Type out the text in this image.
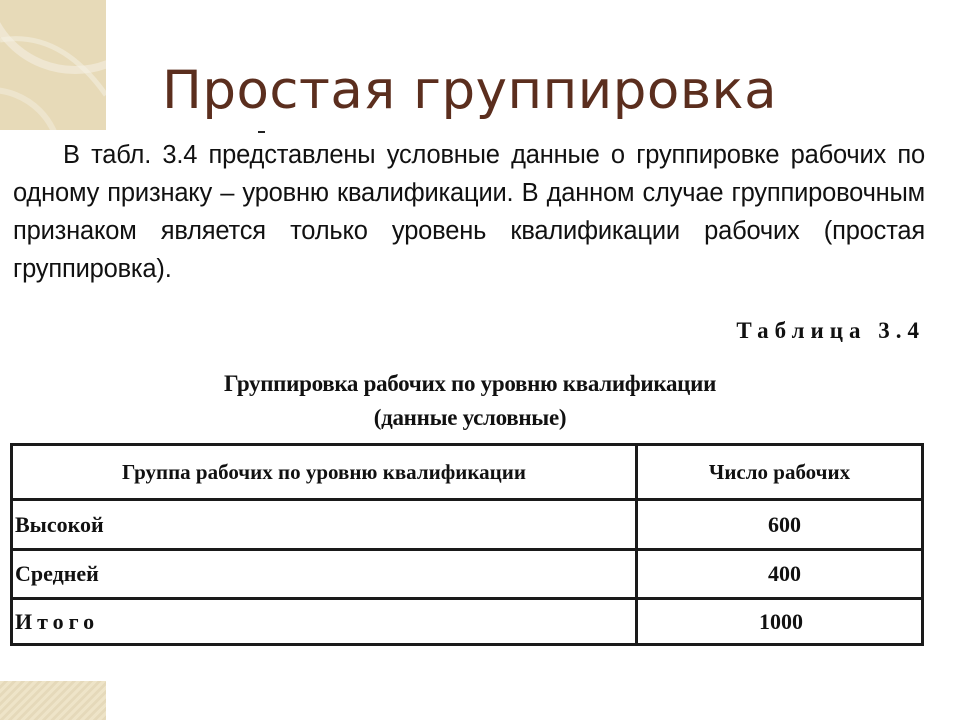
Простая группировка

В табл. 3.4 представлены условные данные о группировке рабочих по одному признаку – уровню квалификации. В данном случае группировочным признаком является только уровень квалификации рабочих (простая группировка).

Таблица 3.4
Группировка рабочих по уровню квалификации
(данные условные)
Группа рабочих по уровню квалификации	Число рабочих
Высокой	600
Средней	400
Итого	1000
